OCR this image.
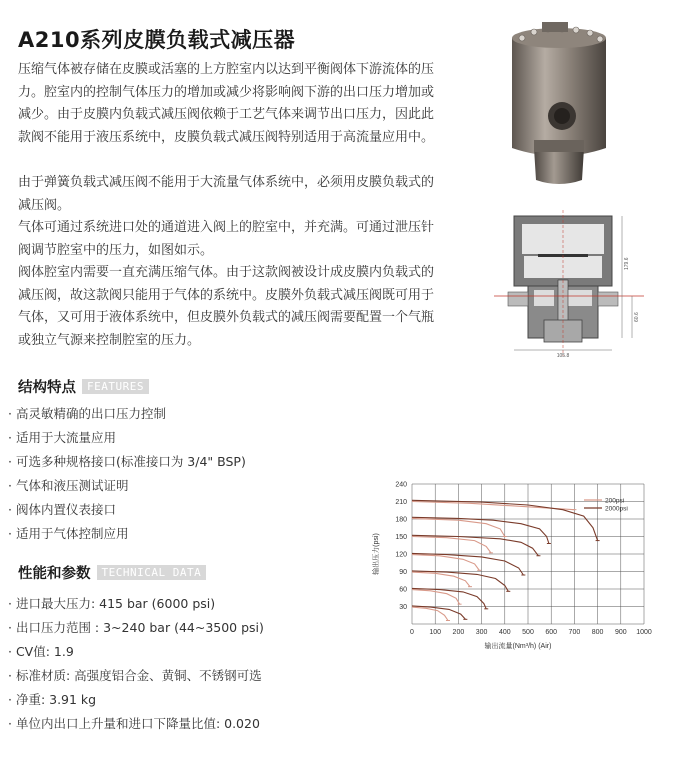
A210系列皮膜负载式减压器
压缩气体被存储在皮膜或活塞的上方腔室内以达到平衡阀体下游流体的压力。腔室内的控制气体压力的增加或减少将影响阀下游的出口压力增加或减少。由于皮膜内负载式减压阀依赖于工艺气体来调节出口压力，因此此款阀不能用于液压系统中，皮膜负载式减压阀特别适用于高流量应用中。
由于弹簧负载式减压阀不能用于大流量气体系统中，必须用皮膜负载式的减压阀。
气体可通过系统进口处的通道进入阀上的腔室中，并充满。可通过泄压针阀调节腔室中的压力，如图如示。
阀体腔室内需要一直充满压缩气体。由于这款阀被设计成皮膜内负载式的减压阀，故这款阀只能用于气体的系统中。皮膜外负载式减压阀既可用于气体，又可用于液体系统中，但皮膜外负载式的减压阀需要配置一个气瓶或独立气源来控制腔室的压力。
105.8
179.6
60.6
结构特点	FEATURES
· 高灵敏精确的出口压力控制
· 适用于大流量应用
· 可选多种规格接口(标准接口为 3/4" BSP)
· 气体和液压测试证明
· 阀体内置仪表接口
· 适用于气体控制应用
性能和参数	TECHNICAL DATA
· 进口最大压力: 415 bar (6000 psi)
· 出口压力范围 : 3~240 bar (44~3500 psi)
· CV值: 1.9
· 标准材质: 高强度铝合金、黄铜、不锈钢可选
· 净重: 3.91 kg
· 单位内出口上升量和进口下降量比值: 0.020
0 100 200 300 400 500 600 700 800 900 1000
30
60
90
120
150
180
210
240
输出流量(Nm³/h) (Air)
输出压力(psi)
200psi
2000psi
